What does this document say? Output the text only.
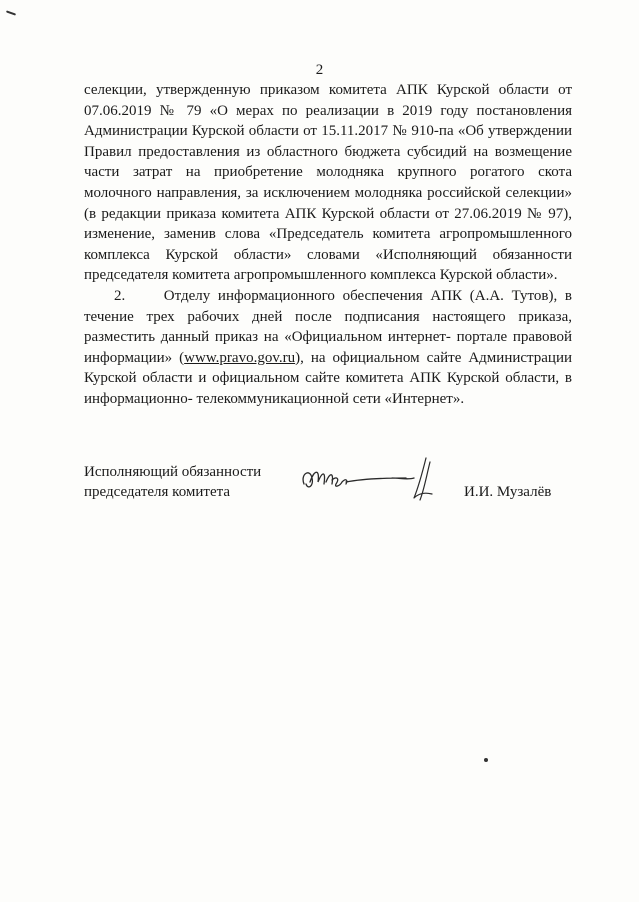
2

селекции, утвержденную приказом комитета АПК Курской области от 07.06.2019 № 79 «О мерах по реализации в 2019 году постановления Администрации Курской области от 15.11.2017 № 910-па «Об утверждении Правил предоставления из областного бюджета субсидий на возмещение части затрат на приобретение молодняка крупного рогатого скота молочного направления, за исключением молодняка российской селекции» (в редакции приказа комитета АПК Курской области от 27.06.2019 № 97), изменение, заменив слова «Председатель комитета агропромышленного комплекса Курской области» словами «Исполняющий обязанности председателя комитета агропромышленного комплекса Курской области».

2.	Отделу информационного обеспечения АПК (А.А. Тутов), в течение трех рабочих дней после подписания настоящего приказа, разместить данный приказ на «Официальном интернет- портале правовой информации» (www.pravo.gov.ru), на официальном сайте Администрации Курской области и официальном сайте комитета АПК Курской области, в информационно- телекоммуникационной сети «Интернет».

Исполняющий обязанности
председателя комитета	И.И. Музалёв
